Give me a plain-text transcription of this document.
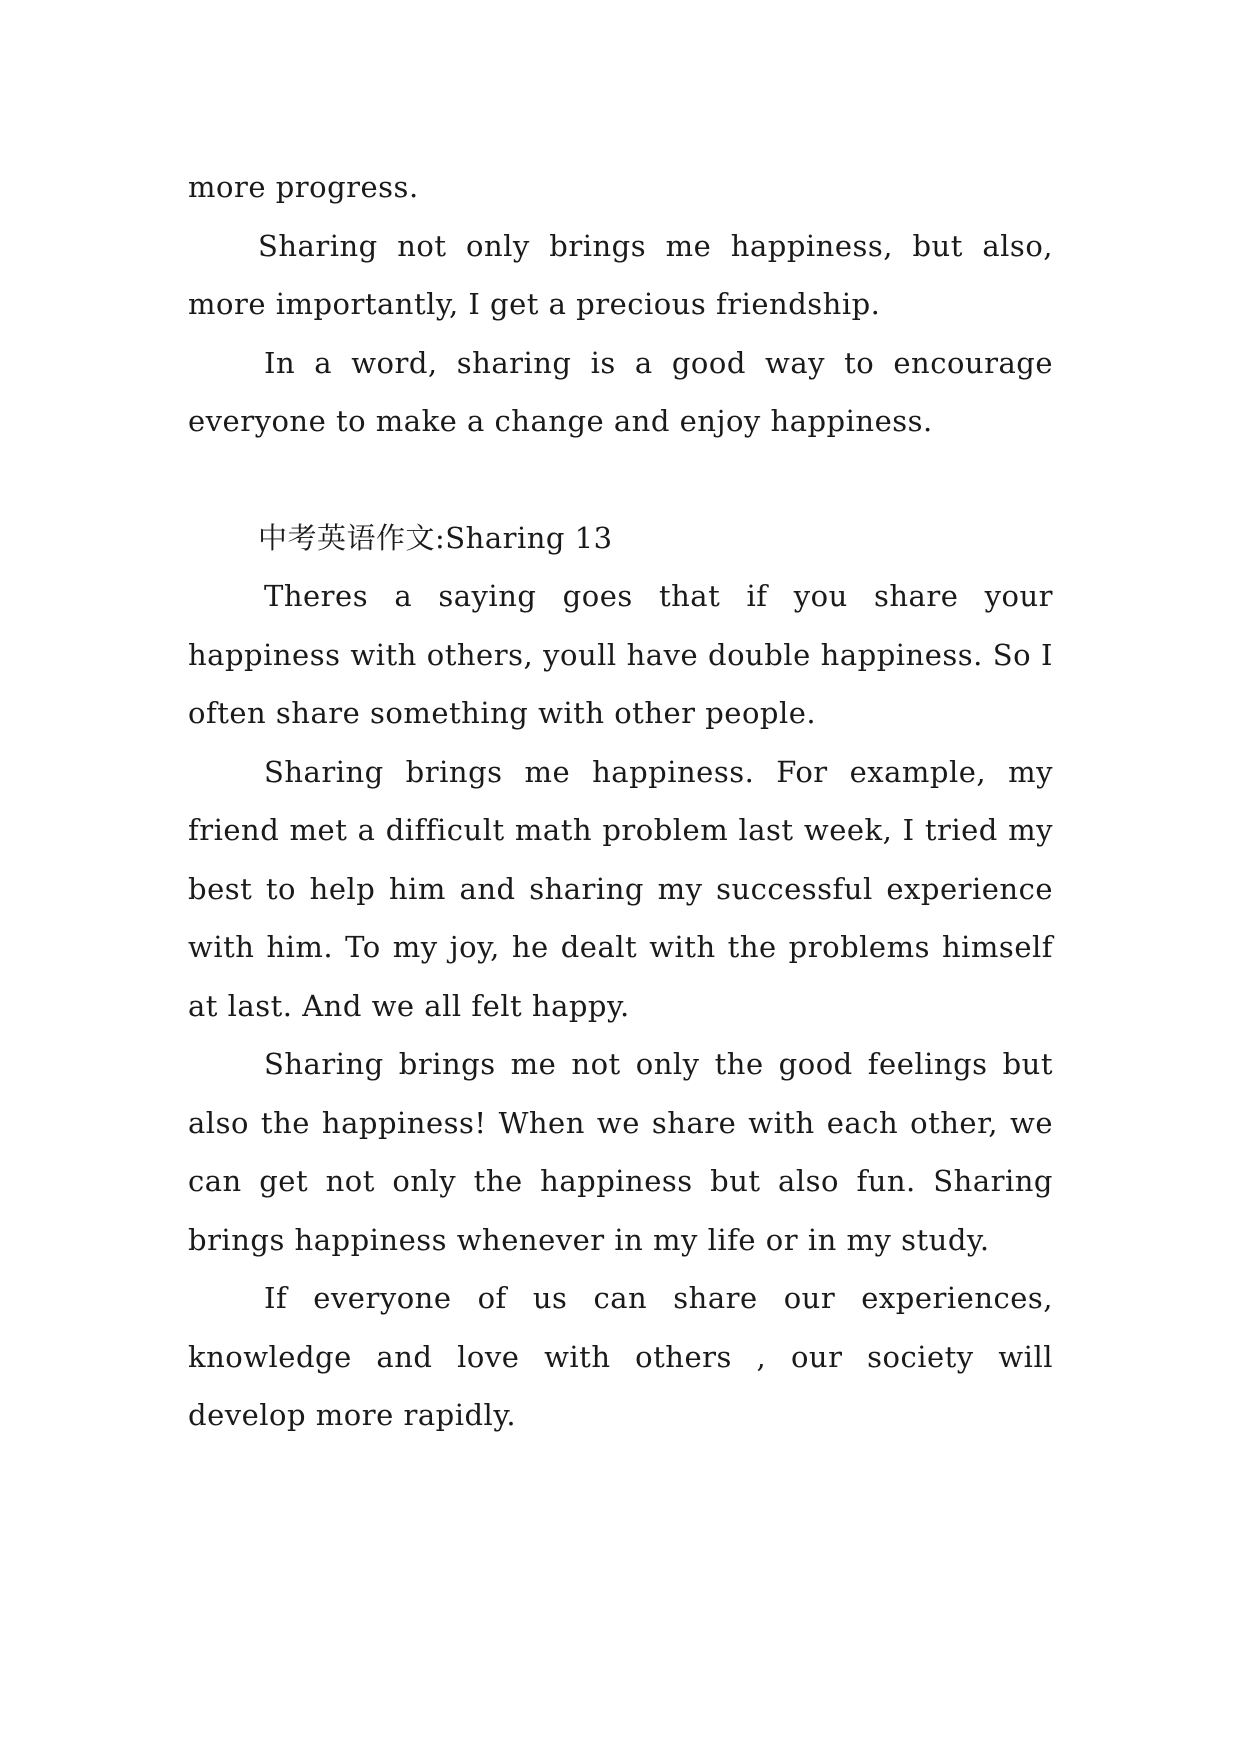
more progress.

Sharing not only brings me happiness, but also, more importantly, I get a precious friendship.

In a word, sharing is a good way to encourage everyone to make a change and enjoy happiness.

中考英语作文:Sharing 13

Theres a saying goes that if you share your happiness with others, youll have double happiness. So I often share something with other people.

Sharing brings me happiness. For example, my friend met a difficult math problem last week, I tried my best to help him and sharing my successful experience with him. To my joy, he dealt with the problems himself at last. And we all felt happy.

Sharing brings me not only the good feelings but also the happiness! When we share with each other, we can get not only the happiness but also fun. Sharing brings happiness whenever in my life or in my study.

If everyone of us can share our experiences, knowledge and love with others , our society will develop more rapidly.
